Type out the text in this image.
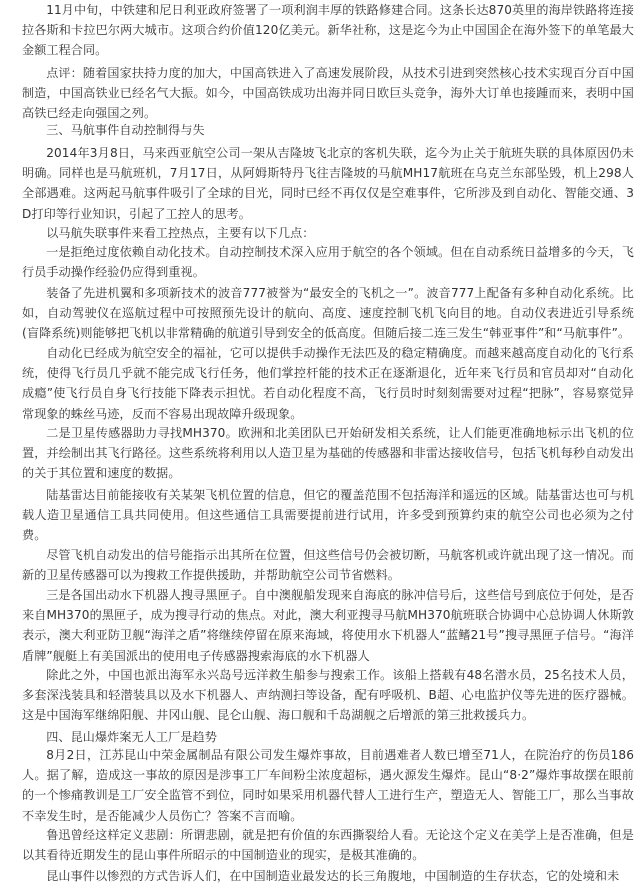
11月中旬，中铁建和尼日利亚政府签署了一项利润丰厚的铁路修建合同。这条长达870英里的海岸铁路将连接拉各斯和卡拉巴尔两大城市。这项合约价值120亿美元。新华社称，这是迄今为止中国国企在海外签下的单笔最大金额工程合同。

点评：随着国家扶持力度的加大，中国高铁进入了高速发展阶段，从技术引进到突然核心技术实现百分百中国制造，中国高铁业已经名气大振。如今，中国高铁成功出海并同日欧巨头竞争，海外大订单也接踵而来，表明中国高铁已经走向强国之列。

三、马航事件自动控制得与失

2014年3月8日，马来西亚航空公司一架从吉隆坡飞北京的客机失联，迄今为止关于航班失联的具体原因仍未明确。同样也是马航班机，7月17日，从阿姆斯特丹飞往吉隆坡的马航MH17航班在乌克兰东部坠毁，机上298人全部遇难。这两起马航事件吸引了全球的目光，同时已经不再仅仅是空难事件，它所涉及到自动化、智能交通、3D打印等行业知识，引起了工控人的思考。

以马航失联事件来看工控热点，主要有以下几点：

一是拒绝过度依赖自动化技术。自动控制技术深入应用于航空的各个领域。但在自动系统日益增多的今天，飞行员手动操作经验仍应得到重视。

装备了先进机翼和多项新技术的波音777被誉为“最安全的飞机之一”。波音777上配备有多种自动化系统。比如，自动驾驶仪在巡航过程中可按照预先设计的航向、高度、速度控制飞机飞向目的地。自动仪表进近引导系统(盲降系统)则能够把飞机以非常精确的航道引导到安全的低高度。但随后接二连三发生“韩亚事件”和“马航事件”。

自动化已经成为航空安全的福祉，它可以提供手动操作无法匹及的稳定精确度。而越来越高度自动化的飞行系统，使得飞行员几乎就不能完成飞行任务，他们掌控杆能的技术正在逐渐退化，近年来飞行员和官员却对“自动化成瘾”使飞行员自身飞行技能下降表示担忧。若自动化程度不高，飞行员时时刻刻需要对过程“把脉”，容易察觉异常现象的蛛丝马迹，反而不容易出现故障升级现象。

二是卫星传感器助力寻找MH370。欧洲和北美团队已开始研发相关系统，让人们能更准确地标示出飞机的位置，并绘制出其飞行路径。这些系统将利用以人造卫星为基础的传感器和非雷达接收信号，包括飞机每秒自动发出的关于其位置和速度的数据。

陆基雷达目前能接收有关某架飞机位置的信息，但它的覆盖范围不包括海洋和遥远的区域。陆基雷达也可与机载人造卫星通信工具共同使用。但这些通信工具需要提前进行试用，许多受到预算约束的航空公司也必须为之付费。

尽管飞机自动发出的信号能指示出其所在位置，但这些信号仍会被切断，马航客机或许就出现了这一情况。而新的卫星传感器可以为搜救工作提供援助，并帮助航空公司节省燃料。

三是各国出动水下机器人搜寻黑匣子。自中澳舰船发现来自海底的脉冲信号后，这些信号到底位于何处，是否来自MH370的黑匣子，成为搜寻行动的焦点。对此，澳大利亚搜寻马航MH370航班联合协调中心总协调人休斯敦表示，澳大利亚防卫舰“海洋之盾”将继续停留在原来海域，将使用水下机器人“蓝鳍21号”搜寻黑匣子信号。“海洋盾牌”舰艇上有美国派出的使用电子传感器搜索海底的水下机器人

除此之外，中国也派出海军永兴岛号远洋救生船参与搜索工作。该船上搭载有48名潜水员，25名技术人员，多套深浅装具和轻潜装具以及水下机器人、声纳测扫等设备，配有呼吸机、B超、心电监护仪等先进的医疗器械。这是中国海军继绵阳舰、井冈山舰、昆仑山舰、海口舰和千岛湖舰之后增派的第三批救援兵力。

四、昆山爆炸案无人工厂是趋势

8月2日，江苏昆山中荣金属制品有限公司发生爆炸事故，目前遇难者人数已增至71人，在院治疗的伤员186人。据了解，造成这一事故的原因是涉事工厂车间粉尘浓度超标，遇火源发生爆炸。昆山“8·2”爆炸事故摆在眼前的一个惨痛教训是工厂安全监管不到位，同时如果采用机器代替人工进行生产，塑造无人、智能工厂，那么当事故不幸发生时，是否能减少人员伤亡？答案不言而喻。

鲁迅曾经这样定义悲剧：所谓悲剧，就是把有价值的东西撕裂给人看。无论这个定义在美学上是否准确，但是以其看待近期发生的昆山事件所昭示的中国制造业的现实，是极其准确的。

昆山事件以惨烈的方式告诉人们，在中国制造业最发达的长三角腹地，中国制造的生存状态，它的处境和未
